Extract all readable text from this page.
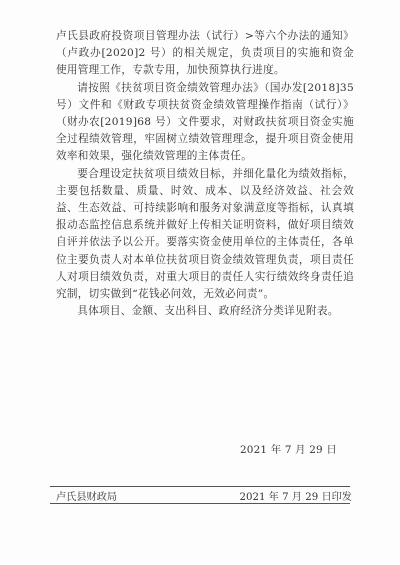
卢氏县政府投资项目管理办法（试行）>等六个办法的通知》（卢政办[2020]2 号）的相关规定，负责项目的实施和资金使用管理工作，专款专用，加快预算执行进度。

请按照《扶贫项目资金绩效管理办法》（国办发[2018]35 号）文件和《财政专项扶贫资金绩效管理操作指南（试行）》（财办农[2019]68 号）文件要求，对财政扶贫项目资金实施全过程绩效管理，牢固树立绩效管理理念，提升项目资金使用效率和效果，强化绩效管理的主体责任。

要合理设定扶贫项目绩效目标，并细化量化为绩效指标，主要包括数量、质量、时效、成本、以及经济效益、社会效益、生态效益、可持续影响和服务对象满意度等指标，认真填报动态监控信息系统并做好上传相关证明资料，做好项目绩效自评并依法予以公开。要落实资金使用单位的主体责任，各单位主要负责人对本单位扶贫项目资金绩效管理负责，项目责任人对项目绩效负责，对重大项目的责任人实行绩效终身责任追究制，切实做到“花钱必问效，无效必问责”。

具体项目、金额、支出科目、政府经济分类详见附表。

2021 年 7 月 29 日
卢氏县财政局	2021 年 7 月 29 日印发
